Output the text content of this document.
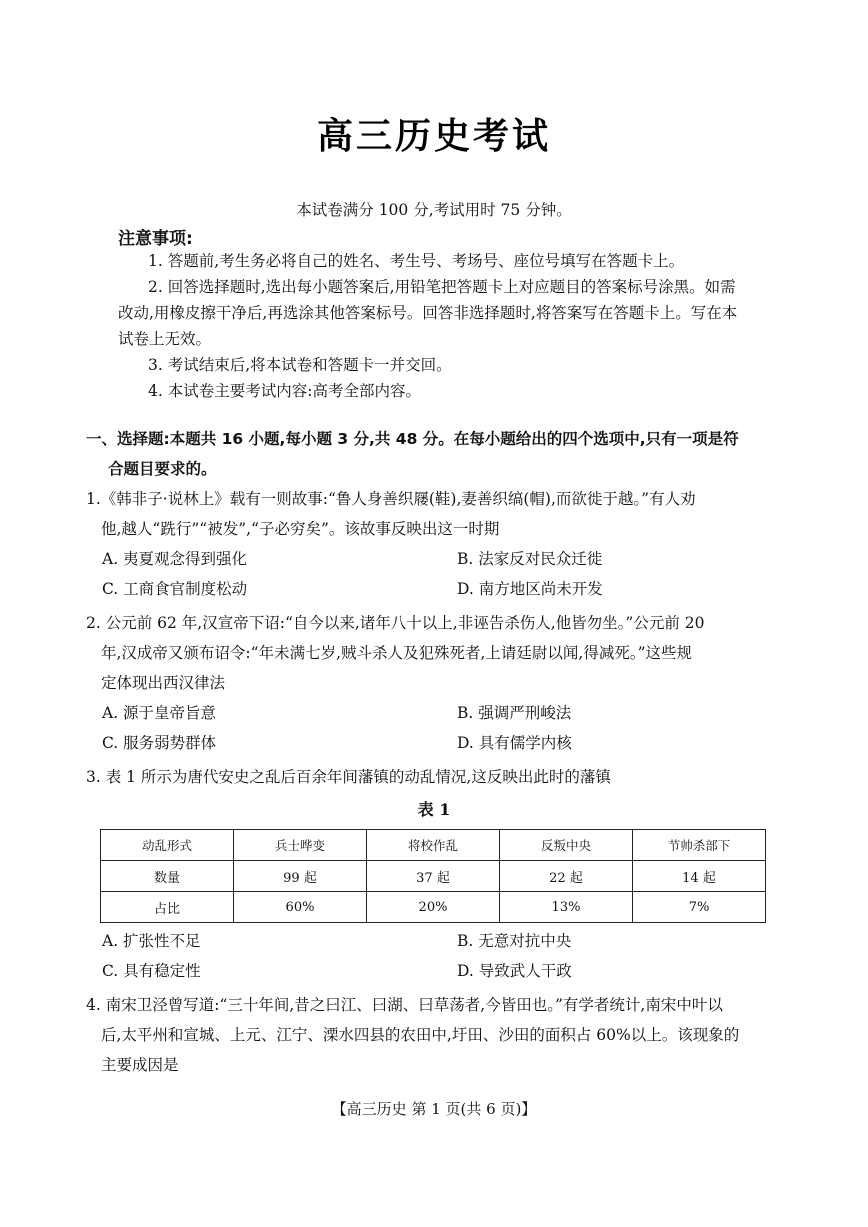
高三历史考试
本试卷满分 100 分,考试用时 75 分钟。
注意事项:

1. 答题前,考生务必将自己的姓名、考生号、考场号、座位号填写在答题卡上。

2. 回答选择题时,选出每小题答案后,用铅笔把答题卡上对应题目的答案标号涂黑。如需改动,用橡皮擦干净后,再选涂其他答案标号。回答非选择题时,将答案写在答题卡上。写在本试卷上无效。

3. 考试结束后,将本试卷和答题卡一并交回。

4. 本试卷主要考试内容:高考全部内容。

一、选择题:本题共 16 小题,每小题 3 分,共 48 分。在每小题给出的四个选项中,只有一项是符
合题目要求的。
1.《韩非子·说林上》载有一则故事:“鲁人身善织屦(鞋),妻善织缟(帽),而欲徙于越。”有人劝
他,越人“跣行”“被发”,“子必穷矣”。该故事反映出这一时期
A. 夷夏观念得到强化	B. 法家反对民众迁徙
C. 工商食官制度松动	D. 南方地区尚未开发
2. 公元前 62 年,汉宣帝下诏:“自今以来,诸年八十以上,非诬告杀伤人,他皆勿坐。”公元前 20
年,汉成帝又颁布诏令:“年未满七岁,贼斗杀人及犯殊死者,上请廷尉以闻,得减死。”这些规
定体现出西汉律法
A. 源于皇帝旨意	B. 强调严刑峻法
C. 服务弱势群体	D. 具有儒学内核
3. 表 1 所示为唐代安史之乱后百余年间藩镇的动乱情况,这反映出此时的藩镇
表 1
动乱形式	兵士哗变	将校作乱	反叛中央	节帅杀部下
数量	99 起	37 起	22 起	14 起
占比	60%	20%	13%	7%
A. 扩张性不足	B. 无意对抗中央
C. 具有稳定性	D. 导致武人干政
4. 南宋卫泾曾写道:“三十年间,昔之曰江、曰湖、曰草荡者,今皆田也。”有学者统计,南宋中叶以
后,太平州和宣城、上元、江宁、溧水四县的农田中,圩田、沙田的面积占 60%以上。该现象的
主要成因是
【高三历史 第 1 页(共 6 页)】
